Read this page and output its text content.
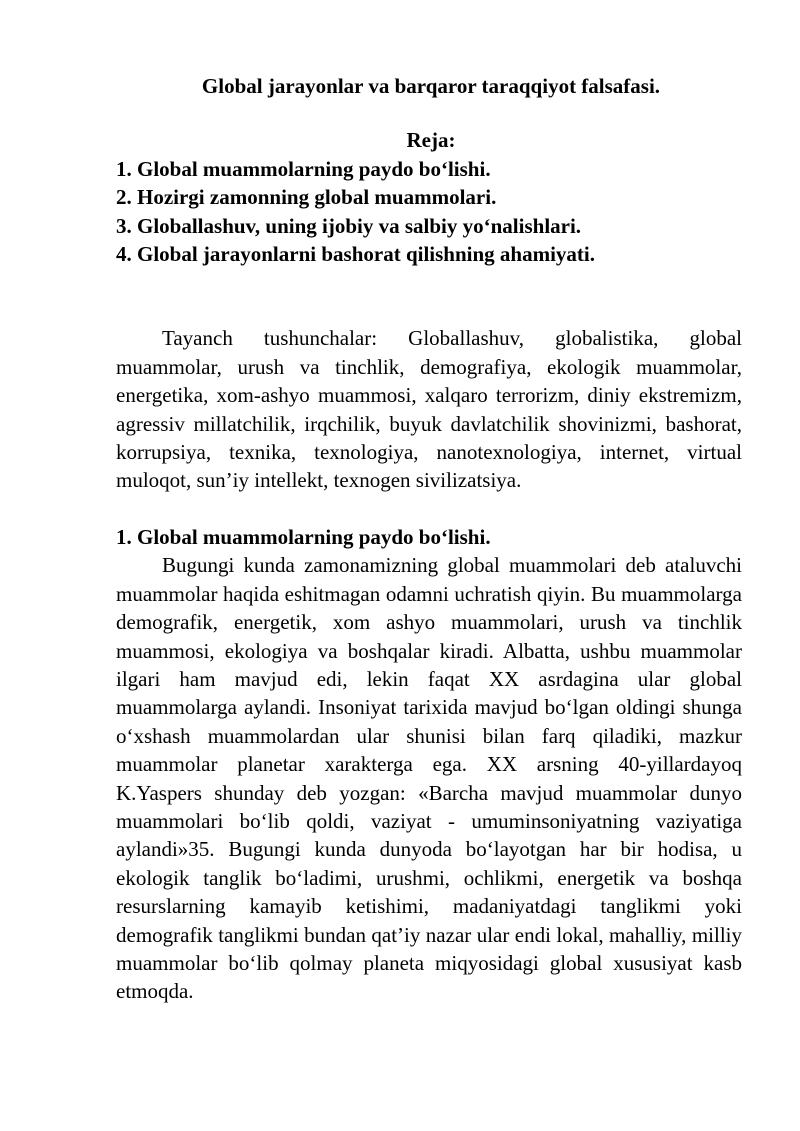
Global jarayonlar va barqaror taraqqiyot falsafasi.

Reja:

1. Global muammolarning paydo bo‘lishi.
2. Hozirgi zamonning global muammolari.
3. Globallashuv, uning ijobiy va salbiy yo‘nalishlari.
4. Global jarayonlarni bashorat qilishning ahamiyati.

Tayanch tushunchalar: Globallashuv, globalistika, global muammolar, urush va tinchlik, demografiya, ekologik muammolar, energetika, xom-ashyo muammosi, xalqaro terrorizm, diniy ekstremizm, agressiv millatchilik, irqchilik, buyuk davlatchilik shovinizmi, bashorat, korrupsiya, texnika, texnologiya, nanotexnologiya, internet, virtual muloqot, sun’iy intellekt, texnogen sivilizatsiya.

1. Global muammolarning paydo bo‘lishi.

Bugungi kunda zamonamizning global muammolari deb ataluvchi muammolar haqida eshitmagan odamni uchratish qiyin. Bu muammolarga demografik, energetik, xom ashyo muammolari, urush va tinchlik muammosi, ekologiya va boshqalar kiradi. Albatta, ushbu muammolar ilgari ham mavjud edi, lekin faqat XX asrdagina ular global muammolarga aylandi. Insoniyat tarixida mavjud bo‘lgan oldingi shunga o‘xshash muammolardan ular shunisi bilan farq qiladiki, mazkur muammolar planetar xarakterga ega. XX arsning 40-yillardayoq K.Yaspers shunday deb yozgan: «Barcha mavjud muammolar dunyo muammolari bo‘lib qoldi, vaziyat - umuminsoniyatning vaziyatiga aylandi»35. Bugungi kunda dunyoda bo‘layotgan har bir hodisa, u ekologik tanglik bo‘ladimi, urushmi, ochlikmi, energetik va boshqa resurslarning kamayib ketishimi, madaniyatdagi tanglikmi yoki demografik tanglikmi bundan qat’iy nazar ular endi lokal, mahalliy, milliy muammolar bo‘lib qolmay planeta miqyosidagi global xususiyat kasb etmoqda.
